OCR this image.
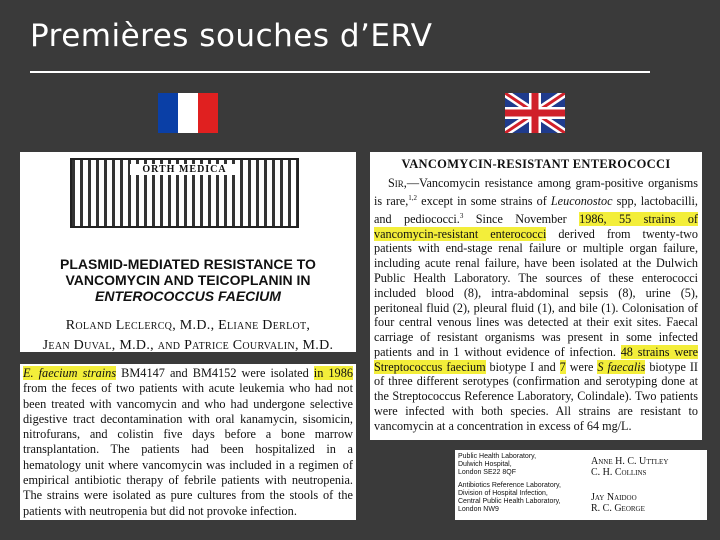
Premières souches d’ERV
ORTH MEDICA
PLASMID-MEDIATED RESISTANCE TO
VANCOMYCIN AND TEICOPLANIN IN
ENTEROCOCCUS FAECIUM
Roland Leclercq, M.D., Eliane Derlot,
Jean Duval, M.D., and Patrice Courvalin, M.D.
E. faecium strains BM4147 and BM4152 were isolated in 1986 from the feces of two patients with acute leukemia who had not been treated with vancomycin and who had undergone selective digestive tract decontamination with oral kanamycin, sisomicin, nitrofurans, and colistin five days before a bone marrow transplantation. The patients had been hospitalized in a hematology unit where vancomycin was included in a regimen of empirical antibiotic therapy of febrile patients with neutropenia. The strains were isolated as pure cultures from the stools of the patients with neutropenia but did not provoke infection.
VANCOMYCIN-RESISTANT ENTEROCOCCI
Sir,—Vancomycin resistance among gram-positive organisms is rare,$^{1,2}$ except in some strains of Leuconostoc spp, lactobacilli, and pediococci.$^3$ Since November 1986, 55 strains of vancomycin-resistant enterococci derived from twenty-two patients with end-stage renal failure or multiple organ failure, including acute renal failure, have been isolated at the Dulwich Public Health Laboratory. The sources of these enterococci included blood (8), intra-abdominal sepsis (8), urine (5), peritoneal fluid (2), pleural fluid (1), and bile (1). Colonisation of four central venous lines was detected at their exit sites. Faecal carriage of resistant organisms was present in some infected patients and in 1 without evidence of infection. 48 strains were Streptococcus faecium biotype I and 7 were S faecalis biotype II of three different serotypes (confirmation and serotyping done at the Streptococcus Reference Laboratory, Colindale). Two patients were infected with both species. All strains are resistant to vancomycin at a concentration in excess of 64 mg/L.
Public Health Laboratory,
Dulwich Hospital,
London SE22 8QF
Antibiotics Reference Laboratory,
Division of Hospital Infection,
Central Public Health Laboratory,
London NW9
Anne H. C. Uttley
C. H. Collins
Jay Naidoo
R. C. George
